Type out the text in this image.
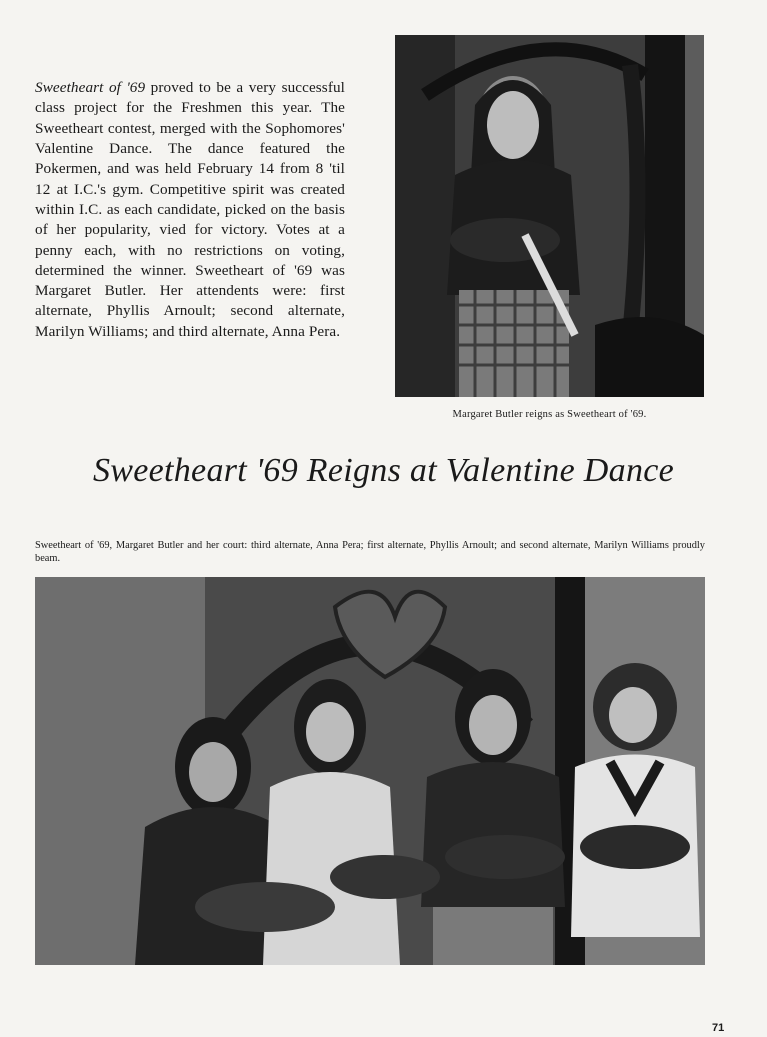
Sweetheart of '69 proved to be a very successful class project for the Freshmen this year. The Sweetheart contest, merged with the Sophomores' Valentine Dance. The dance featured the Pokermen, and was held February 14 from 8 'til 12 at I.C.'s gym. Competitive spirit was created within I.C. as each candidate, picked on the basis of her popularity, vied for victory. Votes at a penny each, with no restrictions on voting, determined the winner. Sweetheart of '69 was Margaret Butler. Her attendents were: first alternate, Phyllis Arnoult; second alternate, Marilyn Williams; and third alternate, Anna Pera.

Margaret Butler reigns as Sweetheart of '69.
Sweetheart '69 Reigns at Valentine Dance

Sweetheart of '69, Margaret Butler and her court: third alternate, Anna Pera; first alternate, Phyllis Arnoult; and second alternate, Marilyn Williams proudly beam.

71
